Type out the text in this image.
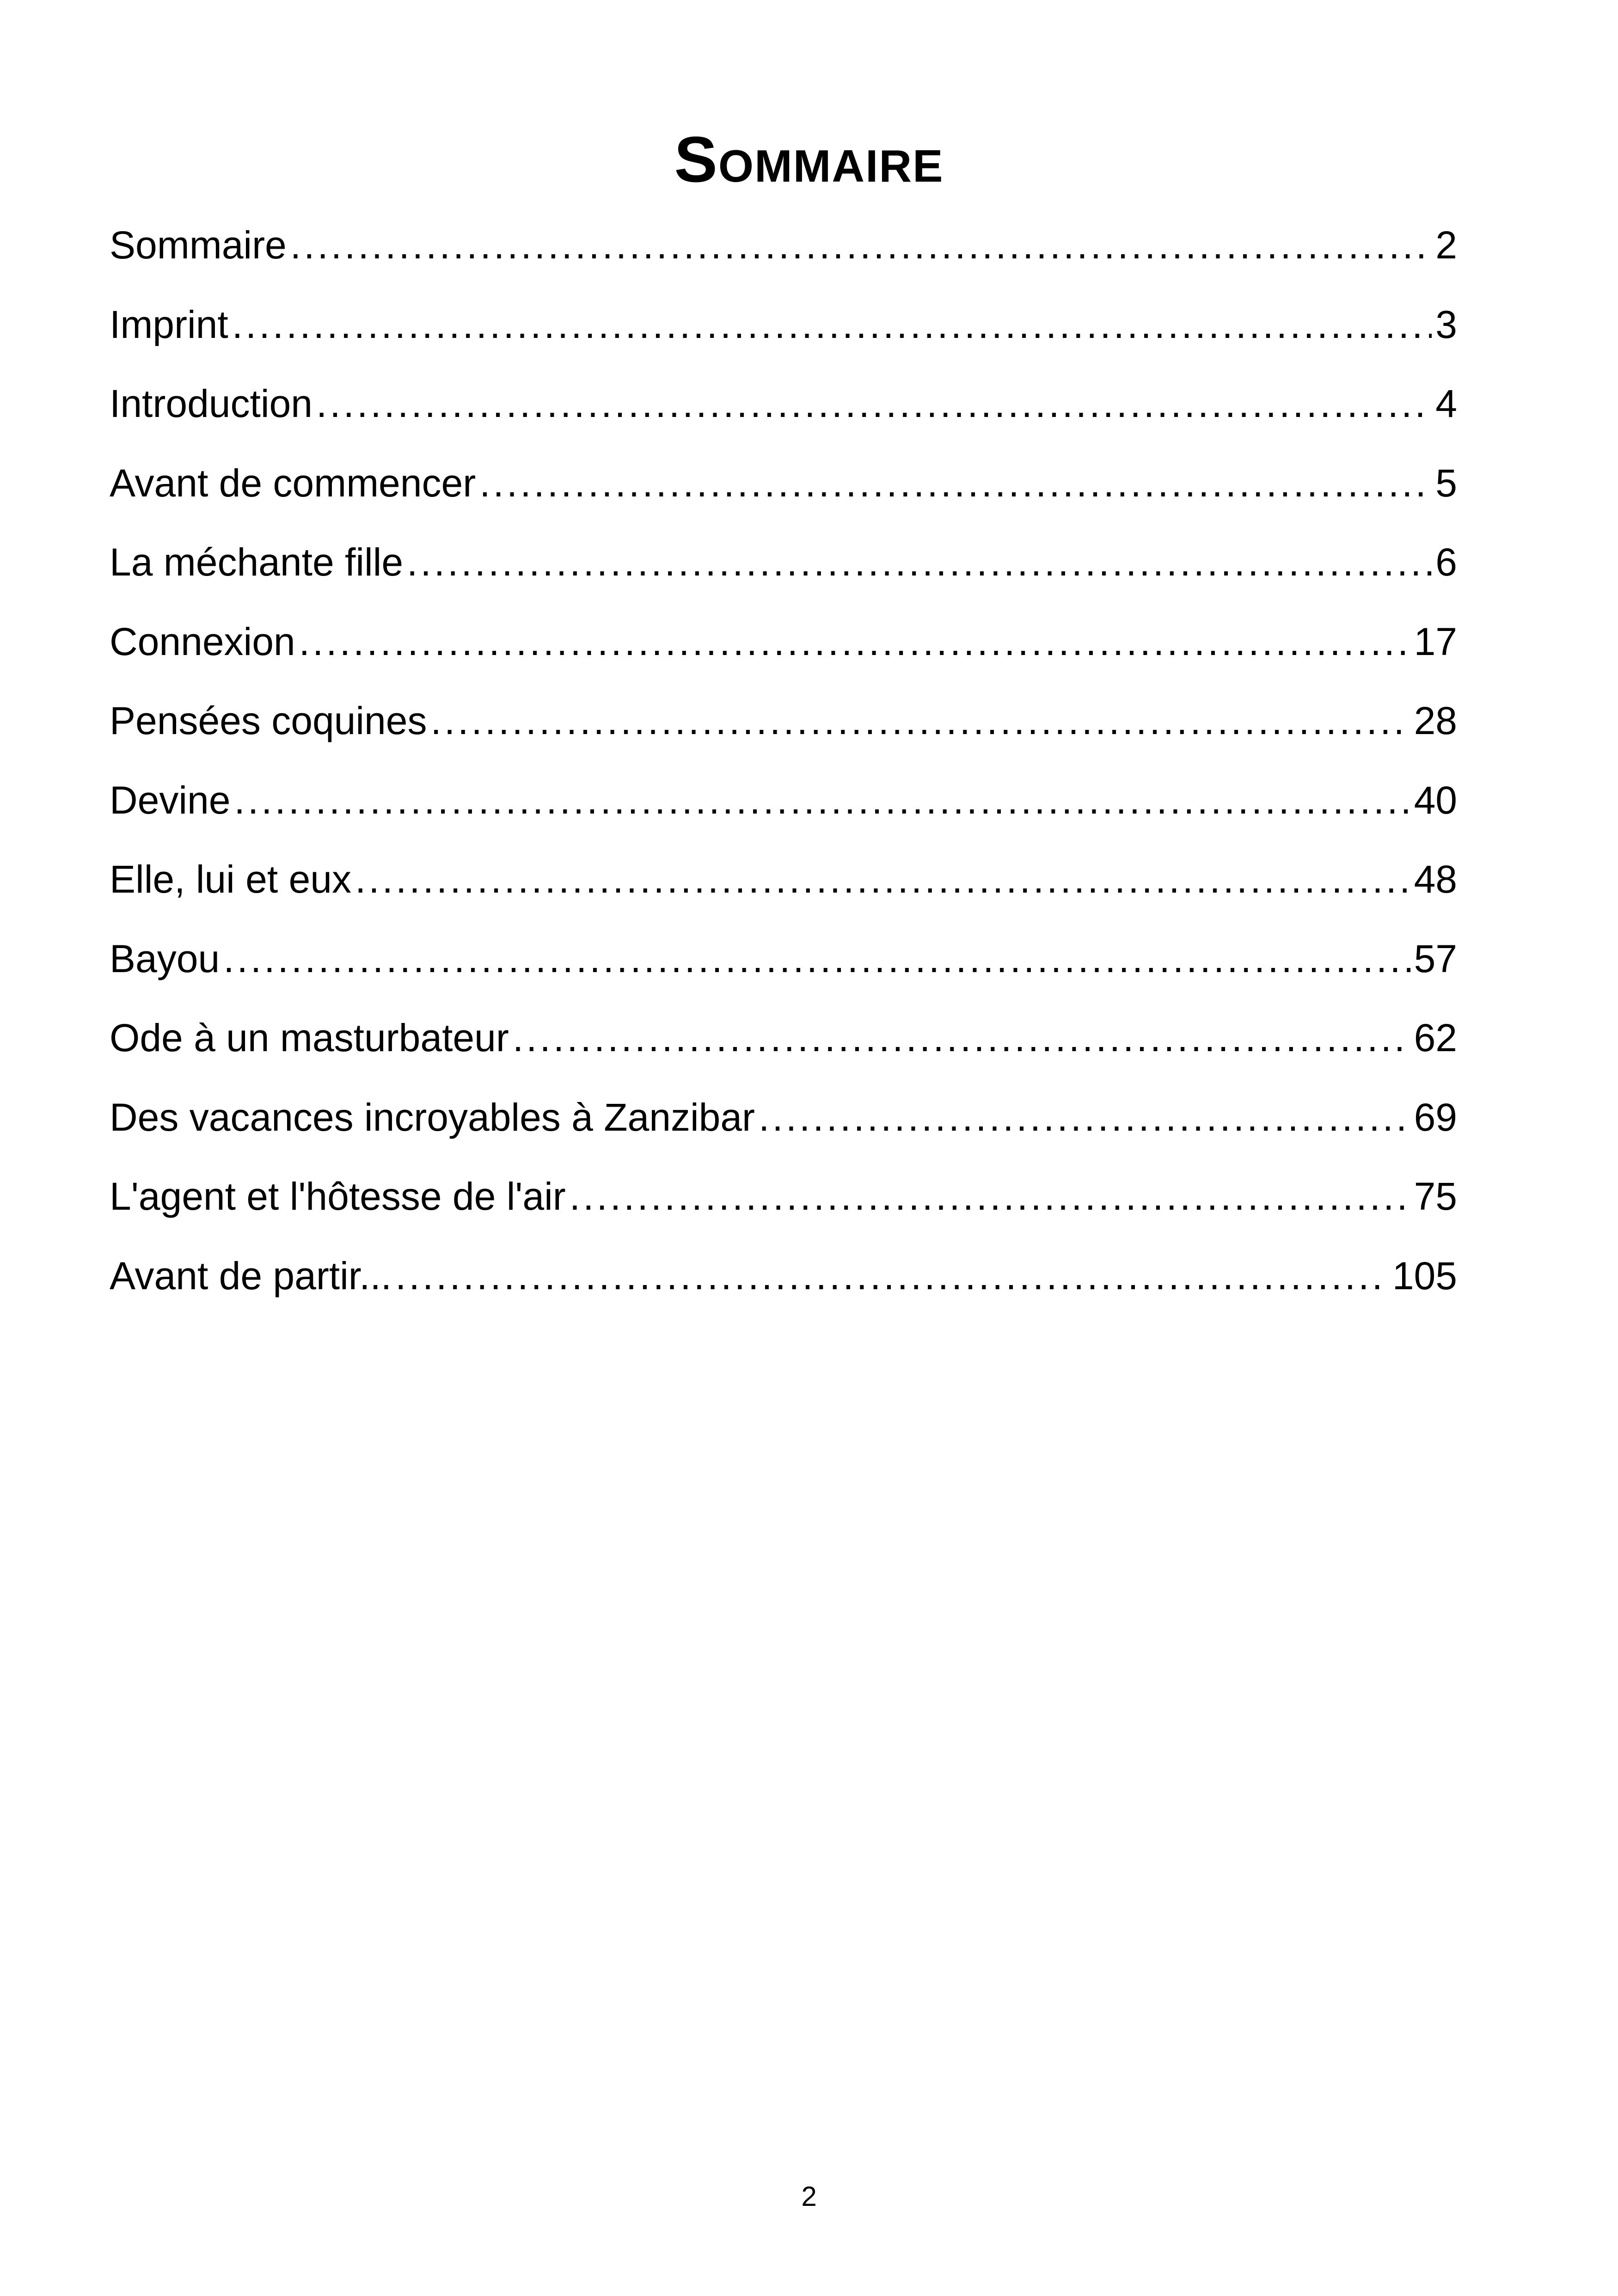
Sommaire
Sommaire .....	2
Imprint .....	3
Introduction .....	4
Avant de commencer .....	5
La méchante fille .....	6
Connexion .....	17
Pensées coquines .....	28
Devine .....	40
Elle, lui et eux .....	48
Bayou .....	57
Ode à un masturbateur .....	62
Des vacances incroyables à Zanzibar .....	69
L'agent et l'hôtesse de l'air .....	75
Avant de partir... .....	105
2
